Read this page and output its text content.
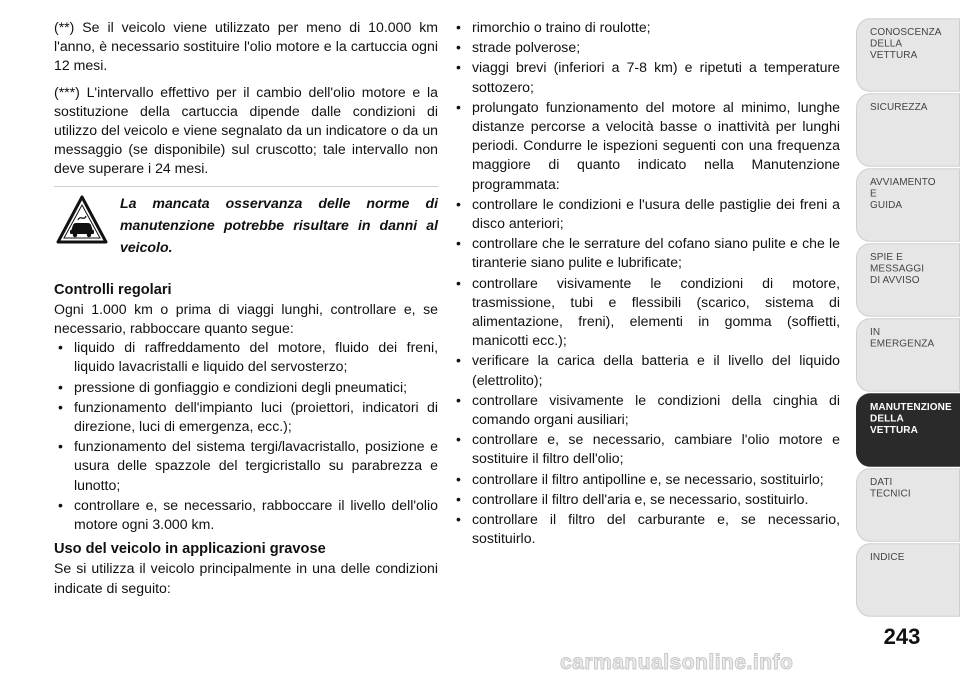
(**) Se il veicolo viene utilizzato per meno di 10.000 km l'anno, è necessario sostituire l'olio motore e la cartuccia ogni 12 mesi.

(***) L'intervallo effettivo per il cambio dell'olio motore e la sostituzione della cartuccia dipende dalle condizioni di utilizzo del veicolo e viene segnalato da un indicatore o da un messaggio (se disponibile) sul cruscotto; tale intervallo non deve superare i 24 mesi.

La mancata osservanza delle norme di manutenzione potrebbe risultare in danni al veicolo.
Controlli regolari

Ogni 1.000 km o prima di viaggi lunghi, controllare e, se necessario, rabboccare quanto segue:

• liquido di raffreddamento del motore, fluido dei freni, liquido lavacristalli e liquido del servosterzo;
• pressione di gonfiaggio e condizioni degli pneumatici;
• funzionamento dell'impianto luci (proiettori, indicatori di direzione, luci di emergenza, ecc.);
• funzionamento del sistema tergi/lavacristallo, posizione e usura delle spazzole del tergicristallo su parabrezza e lunotto;
• controllare e, se necessario, rabboccare il livello dell'olio motore ogni 3.000 km.
Uso del veicolo in applicazioni gravose

Se si utilizza il veicolo principalmente in una delle condizioni indicate di seguito:

• rimorchio o traino di roulotte;
• strade polverose;
• viaggi brevi (inferiori a 7-8 km) e ripetuti a temperature sottozero;
• prolungato funzionamento del motore al minimo, lunghe distanze percorse a velocità basse o inattività per lunghi periodi. Condurre le ispezioni seguenti con una frequenza maggiore di quanto indicato nella Manutenzione programmata:
• controllare le condizioni e l'usura delle pastiglie dei freni a disco anteriori;
• controllare che le serrature del cofano siano pulite e che le tiranterie siano pulite e lubrificate;
• controllare visivamente le condizioni di motore, trasmissione, tubi e flessibili (scarico, sistema di alimentazione, freni), elementi in gomma (soffietti, manicotti ecc.);
• verificare la carica della batteria e il livello del liquido (elettrolito);
• controllare visivamente le condizioni della cinghia di comando organi ausiliari;
• controllare e, se necessario, cambiare l'olio motore e sostituire il filtro dell'olio;
• controllare il filtro antipolline e, se necessario, sostituirlo;
• controllare il filtro dell'aria e, se necessario, sostituirlo.
• controllare il filtro del carburante e, se necessario, sostituirlo.
CONOSCENZA
DELLA
VETTURA
SICUREZZA
AVVIAMENTO
E
GUIDA
SPIE E
MESSAGGI
DI AVVISO
IN
EMERGENZA
MANUTENZIONE
DELLA
VETTURA
DATI
TECNICI
INDICE
243
carmanualsonline.info
